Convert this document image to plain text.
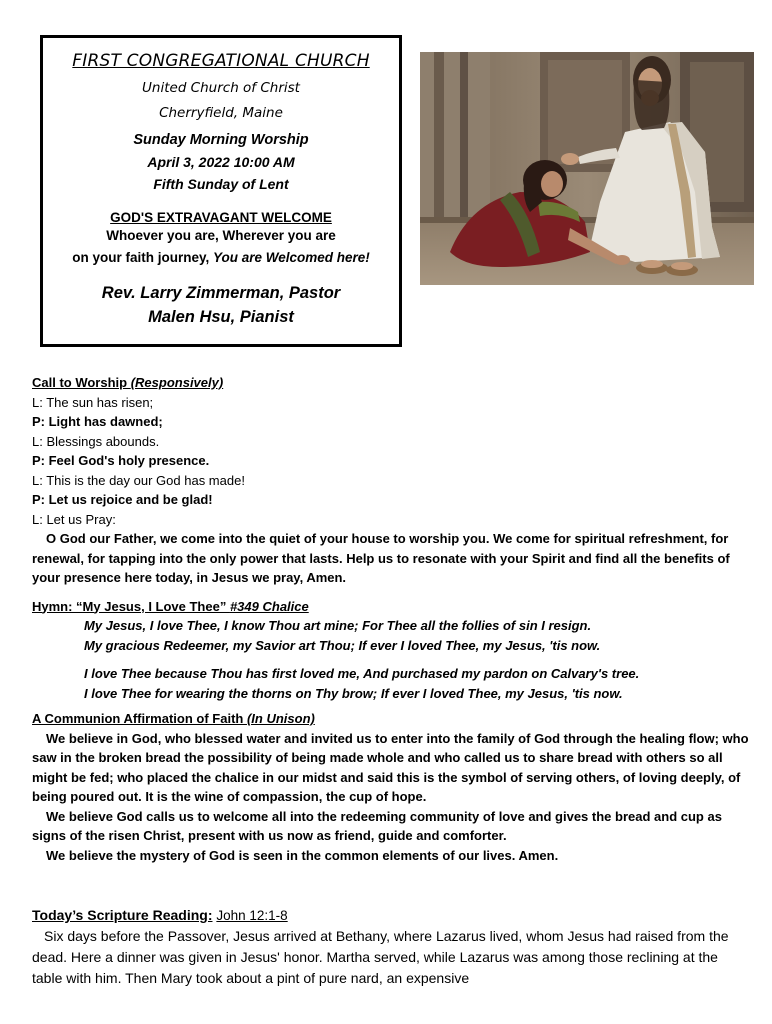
FIRST CONGREGATIONAL CHURCH
United Church of Christ
Cherryfield, Maine
Sunday Morning Worship
April 3, 2022 10:00 AM
Fifth Sunday of Lent
GOD'S EXTRAVAGANT WELCOME
Whoever you are, Wherever you are
on your faith journey, You are Welcomed here!
Rev. Larry Zimmerman, Pastor
Malen Hsu, Pianist
Call to Worship (Responsively)
L: The sun has risen;
P: Light has dawned;
L: Blessings abounds.
P: Feel God's holy presence.
L: This is the day our God has made!
P: Let us rejoice and be glad!
L: Let us Pray:
O God our Father, we come into the quiet of your house to worship you. We come for spiritual refreshment, for renewal, for tapping into the only power that lasts. Help us to resonate with your Spirit and find all the benefits of your presence here today, in Jesus we pray, Amen.
Hymn: “My Jesus, I Love Thee” #349 Chalice
My Jesus, I love Thee, I know Thou art mine; For Thee all the follies of sin I resign.
My gracious Redeemer, my Savior art Thou; If ever I loved Thee, my Jesus, 'tis now.
I love Thee because Thou has first loved me, And purchased my pardon on Calvary's tree.
I love Thee for wearing the thorns on Thy brow; If ever I loved Thee, my Jesus, 'tis now.
A Communion Affirmation of Faith (In Unison)
We believe in God, who blessed water and invited us to enter into the family of God through the healing flow; who saw in the broken bread the possibility of being made whole and who called us to share bread with others so all might be fed; who placed the chalice in our midst and said this is the symbol of serving others, of loving deeply, of being poured out. It is the wine of compassion, the cup of hope.
We believe God calls us to welcome all into the redeeming community of love and gives the bread and cup as signs of the risen Christ, present with us now as friend, guide and comforter.
We believe the mystery of God is seen in the common elements of our lives. Amen.
Today’s Scripture Reading: John 12:1-8
Six days before the Passover, Jesus arrived at Bethany, where Lazarus lived, whom Jesus had raised from the dead. Here a dinner was given in Jesus' honor. Martha served, while Lazarus was among those reclining at the table with him. Then Mary took about a pint of pure nard, an expensive
